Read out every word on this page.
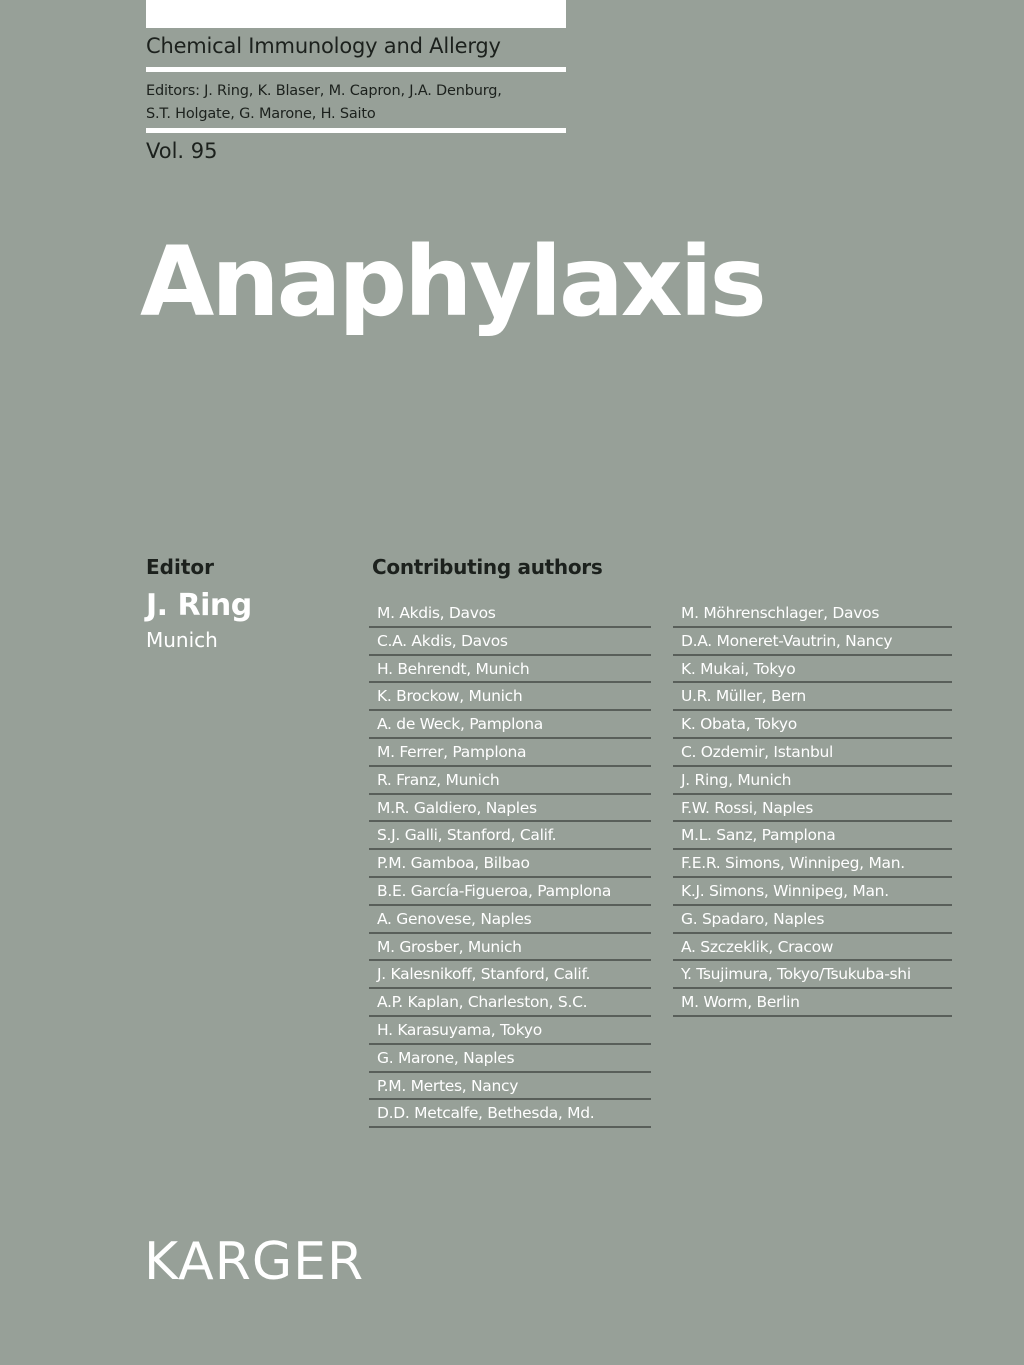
Chemical Immunology and Allergy
Editors: J. Ring, K. Blaser, M. Capron, J.A. Denburg,
S.T. Holgate, G. Marone, H. Saito
Vol. 95
Anaphylaxis
Editor
J. Ring
Munich
Contributing authors
M. Akdis, Davos
C.A. Akdis, Davos
H. Behrendt, Munich
K. Brockow, Munich
A. de Weck, Pamplona
M. Ferrer, Pamplona
R. Franz, Munich
M.R. Galdiero, Naples
S.J. Galli, Stanford, Calif.
P.M. Gamboa, Bilbao
B.E. García-Figueroa, Pamplona
A. Genovese, Naples
M. Grosber, Munich
J. Kalesnikoff, Stanford, Calif.
A.P. Kaplan, Charleston, S.C.
H. Karasuyama, Tokyo
G. Marone, Naples
P.M. Mertes, Nancy
D.D. Metcalfe, Bethesda, Md.
M. Möhrenschlager, Davos
D.A. Moneret-Vautrin, Nancy
K. Mukai, Tokyo
U.R. Müller, Bern
K. Obata, Tokyo
C. Ozdemir, Istanbul
J. Ring, Munich
F.W. Rossi, Naples
M.L. Sanz, Pamplona
F.E.R. Simons, Winnipeg, Man.
K.J. Simons, Winnipeg, Man.
G. Spadaro, Naples
A. Szczeklik, Cracow
Y. Tsujimura, Tokyo/Tsukuba-shi
M. Worm, Berlin
KARGER
